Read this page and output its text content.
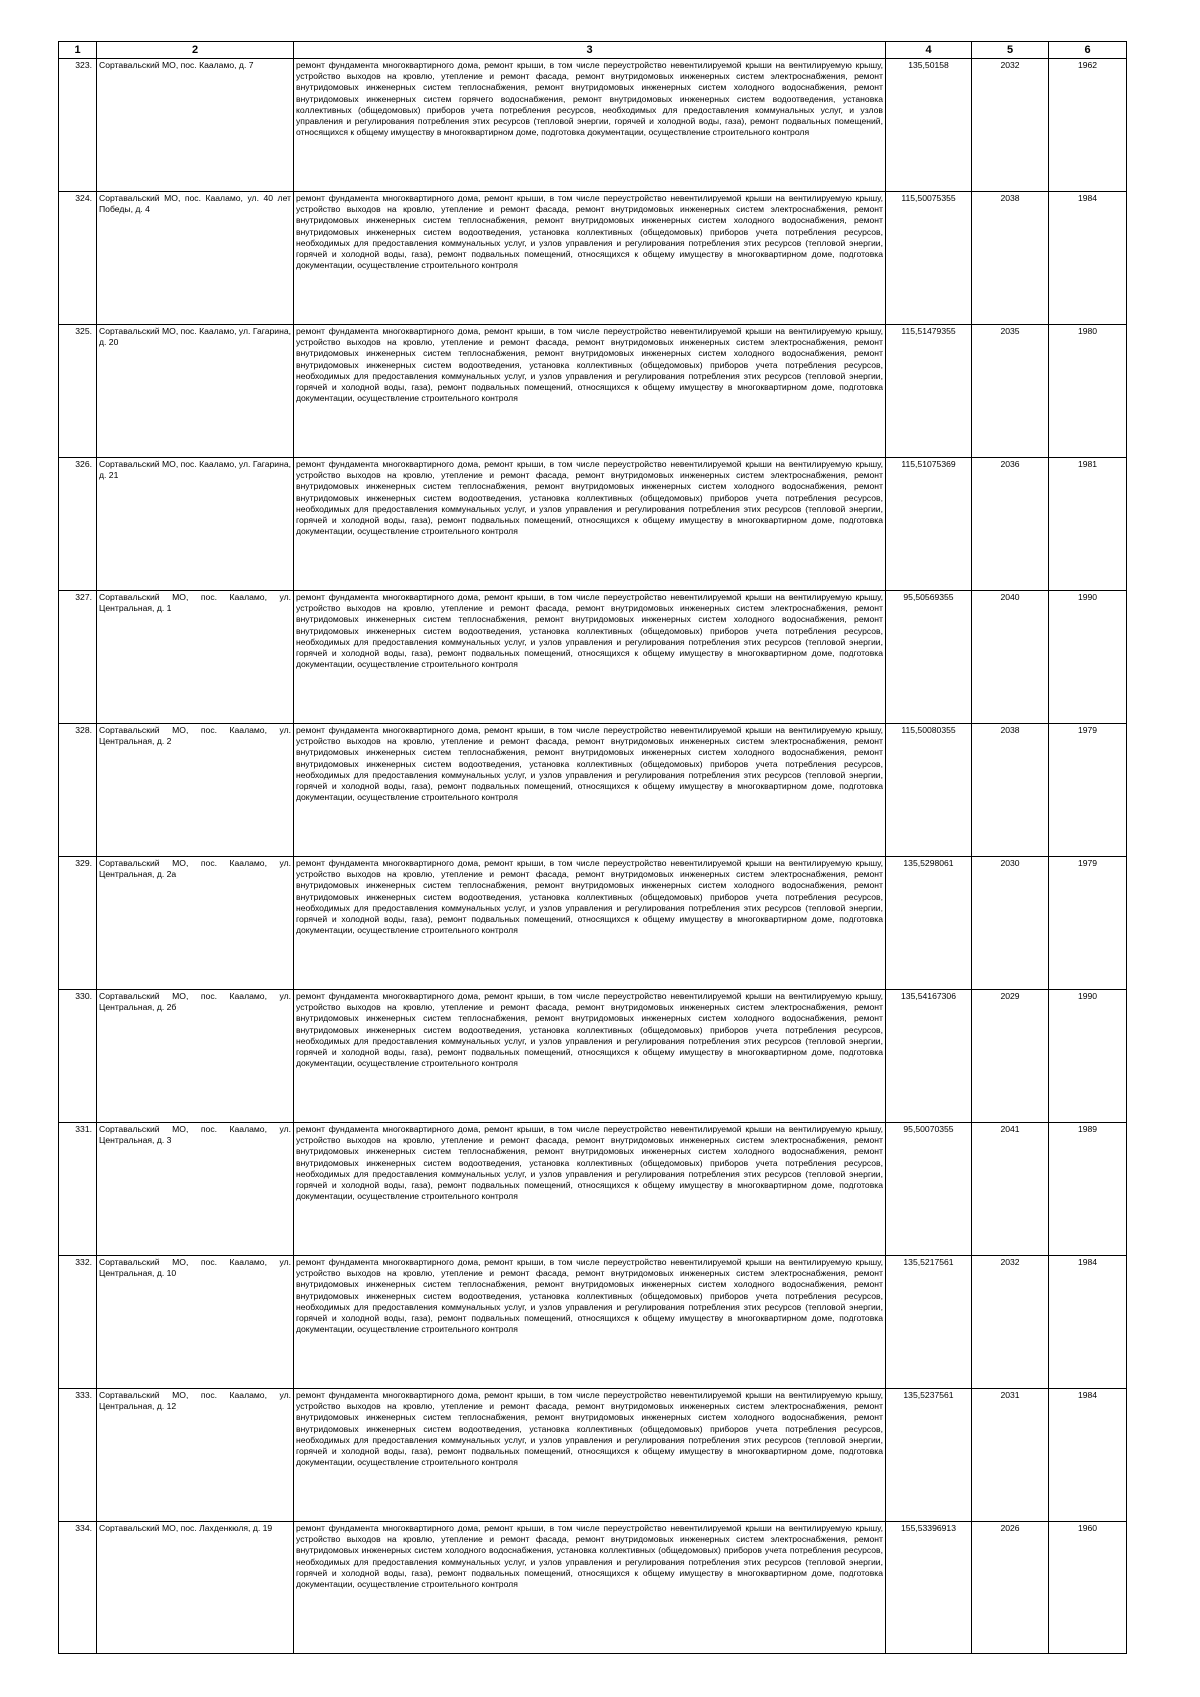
1	2	3	4	5	6
323.	Сортавальский МО, пос. Кааламо, д. 7	ремонт фундамента многоквартирного дома, ремонт крыши, в том числе переустройство невентилируемой крыши на вентилируемую крышу, устройство выходов на кровлю, утепление и ремонт фасада, ремонт внутридомовых инженерных систем электроснабжения, ремонт внутридомовых инженерных систем теплоснабжения, ремонт внутридомовых инженерных систем холодного водоснабжения, ремонт внутридомовых инженерных систем горячего водоснабжения, ремонт внутридомовых инженерных систем водоотведения, установка коллективных (общедомовых) приборов учета потребления ресурсов, необходимых для предоставления коммунальных услуг, и узлов управления и регулирования потребления этих ресурсов (тепловой энергии, горячей и холодной воды, газа), ремонт подвальных помещений, относящихся к общему имуществу в многоквартирном доме, подготовка документации, осуществление строительного контроля	135,50158	2032	1962
324.	Сортавальский МО, пос. Кааламо, ул. 40 лет Победы, д. 4	ремонт фундамента многоквартирного дома, ремонт крыши, в том числе переустройство невентилируемой крыши на вентилируемую крышу, устройство выходов на кровлю, утепление и ремонт фасада, ремонт внутридомовых инженерных систем электроснабжения, ремонт внутридомовых инженерных систем теплоснабжения, ремонт внутридомовых инженерных систем холодного водоснабжения, ремонт внутридомовых инженерных систем водоотведения, установка коллективных (общедомовых) приборов учета потребления ресурсов, необходимых для предоставления коммунальных услуг, и узлов управления и регулирования потребления этих ресурсов (тепловой энергии, горячей и холодной воды, газа), ремонт подвальных помещений, относящихся к общему имуществу в многоквартирном доме, подготовка документации, осуществление строительного контроля	115,50075355	2038	1984
325.	Сортавальский МО, пос. Кааламо, ул. Гагарина, д. 20	ремонт фундамента многоквартирного дома, ремонт крыши, в том числе переустройство невентилируемой крыши на вентилируемую крышу, устройство выходов на кровлю, утепление и ремонт фасада, ремонт внутридомовых инженерных систем электроснабжения, ремонт внутридомовых инженерных систем теплоснабжения, ремонт внутридомовых инженерных систем холодного водоснабжения, ремонт внутридомовых инженерных систем водоотведения, установка коллективных (общедомовых) приборов учета потребления ресурсов, необходимых для предоставления коммунальных услуг, и узлов управления и регулирования потребления этих ресурсов (тепловой энергии, горячей и холодной воды, газа), ремонт подвальных помещений, относящихся к общему имуществу в многоквартирном доме, подготовка документации, осуществление строительного контроля	115,51479355	2035	1980
326.	Сортавальский МО, пос. Кааламо, ул. Гагарина, д. 21	ремонт фундамента многоквартирного дома, ремонт крыши, в том числе переустройство невентилируемой крыши на вентилируемую крышу, устройство выходов на кровлю, утепление и ремонт фасада, ремонт внутридомовых инженерных систем электроснабжения, ремонт внутридомовых инженерных систем теплоснабжения, ремонт внутридомовых инженерных систем холодного водоснабжения, ремонт внутридомовых инженерных систем водоотведения, установка коллективных (общедомовых) приборов учета потребления ресурсов, необходимых для предоставления коммунальных услуг, и узлов управления и регулирования потребления этих ресурсов (тепловой энергии, горячей и холодной воды, газа), ремонт подвальных помещений, относящихся к общему имуществу в многоквартирном доме, подготовка документации, осуществление строительного контроля	115,51075369	2036	1981
327.	Сортавальский МО, пос. Кааламо, ул. Центральная, д. 1	ремонт фундамента многоквартирного дома, ремонт крыши, в том числе переустройство невентилируемой крыши на вентилируемую крышу, устройство выходов на кровлю, утепление и ремонт фасада, ремонт внутридомовых инженерных систем электроснабжения, ремонт внутридомовых инженерных систем теплоснабжения, ремонт внутридомовых инженерных систем холодного водоснабжения, ремонт внутридомовых инженерных систем водоотведения, установка коллективных (общедомовых) приборов учета потребления ресурсов, необходимых для предоставления коммунальных услуг, и узлов управления и регулирования потребления этих ресурсов (тепловой энергии, горячей и холодной воды, газа), ремонт подвальных помещений, относящихся к общему имуществу в многоквартирном доме, подготовка документации, осуществление строительного контроля	95,50569355	2040	1990
328.	Сортавальский МО, пос. Кааламо, ул. Центральная, д. 2	ремонт фундамента многоквартирного дома, ремонт крыши, в том числе переустройство невентилируемой крыши на вентилируемую крышу, устройство выходов на кровлю, утепление и ремонт фасада, ремонт внутридомовых инженерных систем электроснабжения, ремонт внутридомовых инженерных систем теплоснабжения, ремонт внутридомовых инженерных систем холодного водоснабжения, ремонт внутридомовых инженерных систем водоотведения, установка коллективных (общедомовых) приборов учета потребления ресурсов, необходимых для предоставления коммунальных услуг, и узлов управления и регулирования потребления этих ресурсов (тепловой энергии, горячей и холодной воды, газа), ремонт подвальных помещений, относящихся к общему имуществу в многоквартирном доме, подготовка документации, осуществление строительного контроля	115,50080355	2038	1979
329.	Сортавальский МО, пос. Кааламо, ул. Центральная, д. 2а	ремонт фундамента многоквартирного дома, ремонт крыши, в том числе переустройство невентилируемой крыши на вентилируемую крышу, устройство выходов на кровлю, утепление и ремонт фасада, ремонт внутридомовых инженерных систем электроснабжения, ремонт внутридомовых инженерных систем теплоснабжения, ремонт внутридомовых инженерных систем холодного водоснабжения, ремонт внутридомовых инженерных систем водоотведения, установка коллективных (общедомовых) приборов учета потребления ресурсов, необходимых для предоставления коммунальных услуг, и узлов управления и регулирования потребления этих ресурсов (тепловой энергии, горячей и холодной воды, газа), ремонт подвальных помещений, относящихся к общему имуществу в многоквартирном доме, подготовка документации, осуществление строительного контроля	135,5298061	2030	1979
330.	Сортавальский МО, пос. Кааламо, ул. Центральная, д. 2б	ремонт фундамента многоквартирного дома, ремонт крыши, в том числе переустройство невентилируемой крыши на вентилируемую крышу, устройство выходов на кровлю, утепление и ремонт фасада, ремонт внутридомовых инженерных систем электроснабжения, ремонт внутридомовых инженерных систем теплоснабжения, ремонт внутридомовых инженерных систем холодного водоснабжения, ремонт внутридомовых инженерных систем водоотведения, установка коллективных (общедомовых) приборов учета потребления ресурсов, необходимых для предоставления коммунальных услуг, и узлов управления и регулирования потребления этих ресурсов (тепловой энергии, горячей и холодной воды, газа), ремонт подвальных помещений, относящихся к общему имуществу в многоквартирном доме, подготовка документации, осуществление строительного контроля	135,54167306	2029	1990
331.	Сортавальский МО, пос. Кааламо, ул. Центральная, д. 3	ремонт фундамента многоквартирного дома, ремонт крыши, в том числе переустройство невентилируемой крыши на вентилируемую крышу, устройство выходов на кровлю, утепление и ремонт фасада, ремонт внутридомовых инженерных систем электроснабжения, ремонт внутридомовых инженерных систем теплоснабжения, ремонт внутридомовых инженерных систем холодного водоснабжения, ремонт внутридомовых инженерных систем водоотведения, установка коллективных (общедомовых) приборов учета потребления ресурсов, необходимых для предоставления коммунальных услуг, и узлов управления и регулирования потребления этих ресурсов (тепловой энергии, горячей и холодной воды, газа), ремонт подвальных помещений, относящихся к общему имуществу в многоквартирном доме, подготовка документации, осуществление строительного контроля	95,50070355	2041	1989
332.	Сортавальский МО, пос. Кааламо, ул. Центральная, д. 10	ремонт фундамента многоквартирного дома, ремонт крыши, в том числе переустройство невентилируемой крыши на вентилируемую крышу, устройство выходов на кровлю, утепление и ремонт фасада, ремонт внутридомовых инженерных систем электроснабжения, ремонт внутридомовых инженерных систем теплоснабжения, ремонт внутридомовых инженерных систем холодного водоснабжения, ремонт внутридомовых инженерных систем водоотведения, установка коллективных (общедомовых) приборов учета потребления ресурсов, необходимых для предоставления коммунальных услуг, и узлов управления и регулирования потребления этих ресурсов (тепловой энергии, горячей и холодной воды, газа), ремонт подвальных помещений, относящихся к общему имуществу в многоквартирном доме, подготовка документации, осуществление строительного контроля	135,5217561	2032	1984
333.	Сортавальский МО, пос. Кааламо, ул. Центральная, д. 12	ремонт фундамента многоквартирного дома, ремонт крыши, в том числе переустройство невентилируемой крыши на вентилируемую крышу, устройство выходов на кровлю, утепление и ремонт фасада, ремонт внутридомовых инженерных систем электроснабжения, ремонт внутридомовых инженерных систем теплоснабжения, ремонт внутридомовых инженерных систем холодного водоснабжения, ремонт внутридомовых инженерных систем водоотведения, установка коллективных (общедомовых) приборов учета потребления ресурсов, необходимых для предоставления коммунальных услуг, и узлов управления и регулирования потребления этих ресурсов (тепловой энергии, горячей и холодной воды, газа), ремонт подвальных помещений, относящихся к общему имуществу в многоквартирном доме, подготовка документации, осуществление строительного контроля	135,5237561	2031	1984
334.	Сортавальский МО, пос. Лахденкюля, д. 19	ремонт фундамента многоквартирного дома, ремонт крыши, в том числе переустройство невентилируемой крыши на вентилируемую крышу, устройство выходов на кровлю, утепление и ремонт фасада, ремонт внутридомовых инженерных систем электроснабжения, ремонт внутридомовых инженерных систем холодного водоснабжения, установка коллективных (общедомовых) приборов учета потребления ресурсов, необходимых для предоставления коммунальных услуг, и узлов управления и регулирования потребления этих ресурсов (тепловой энергии, горячей и холодной воды, газа), ремонт подвальных помещений, относящихся к общему имуществу в многоквартирном доме, подготовка документации, осуществление строительного контроля	155,53396913	2026	1960
